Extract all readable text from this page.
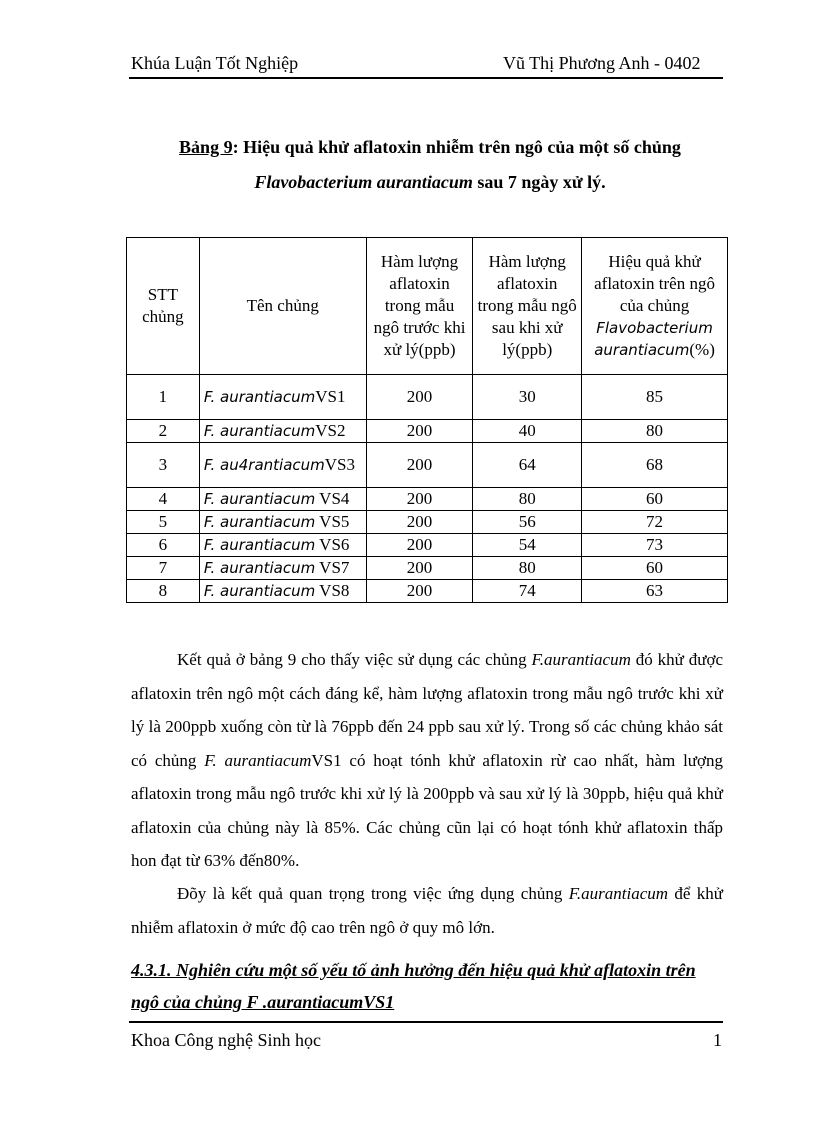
Khúa Luận Tốt Nghiệp	Vũ Thị Phương Anh - 0402
Bảng 9: Hiệu quả khử aflatoxin nhiễm trên ngô của một số chủng
Flavobacterium aurantiacum sau 7 ngày xử lý.
STT chủng	Tên chủng	Hàm lượng aflatoxin trong mẫu ngô trước khi xử lý(ppb)	Hàm lượng aflatoxin trong mẫu ngô sau khi xử lý(ppb)	Hiệu quả khử aflatoxin trên ngô của chủng Flavobacterium aurantiacum(%)
1	F. aurantiacumVS1	200	30	85
2	F. aurantiacumVS2	200	40	80
3	F. au4rantiacumVS3	200	64	68
4	F. aurantiacum VS4	200	80	60
5	F. aurantiacum VS5	200	56	72
6	F. aurantiacum VS6	200	54	73
7	F. aurantiacum VS7	200	80	60
8	F. aurantiacum VS8	200	74	63
Kết quả ở bảng 9 cho thấy việc sử dụng các chủng F.aurantiacum đó khử được aflatoxin trên ngô một cách đáng kể, hàm lượng aflatoxin trong mẫu ngô trước khi xử lý là 200ppb xuống còn từ là 76ppb đến 24 ppb sau xử lý. Trong số các chủng khảo sát có chủng F. aurantiacumVS1 có hoạt tónh khử aflatoxin rừ cao nhất, hàm lượng aflatoxin trong mẫu ngô trước khi xử lý là 200ppb và sau xử lý là 30ppb, hiệu quả khử aflatoxin của chủng này là 85%. Các chủng cũn lại có hoạt tónh khử aflatoxin thấp hon đạt từ 63% đến80%.
Đõy là kết quả quan trọng trong việc ứng dụng chủng F.aurantiacum để khử nhiễm aflatoxin ở mức độ cao trên ngô ở quy mô lớn.
4.3.1. Nghiên cứu một số yếu tố ảnh hưởng đến hiệu quả khử aflatoxin trên ngô của chủng F .aurantiacumVS1
Khoa Công nghệ Sinh học	1
